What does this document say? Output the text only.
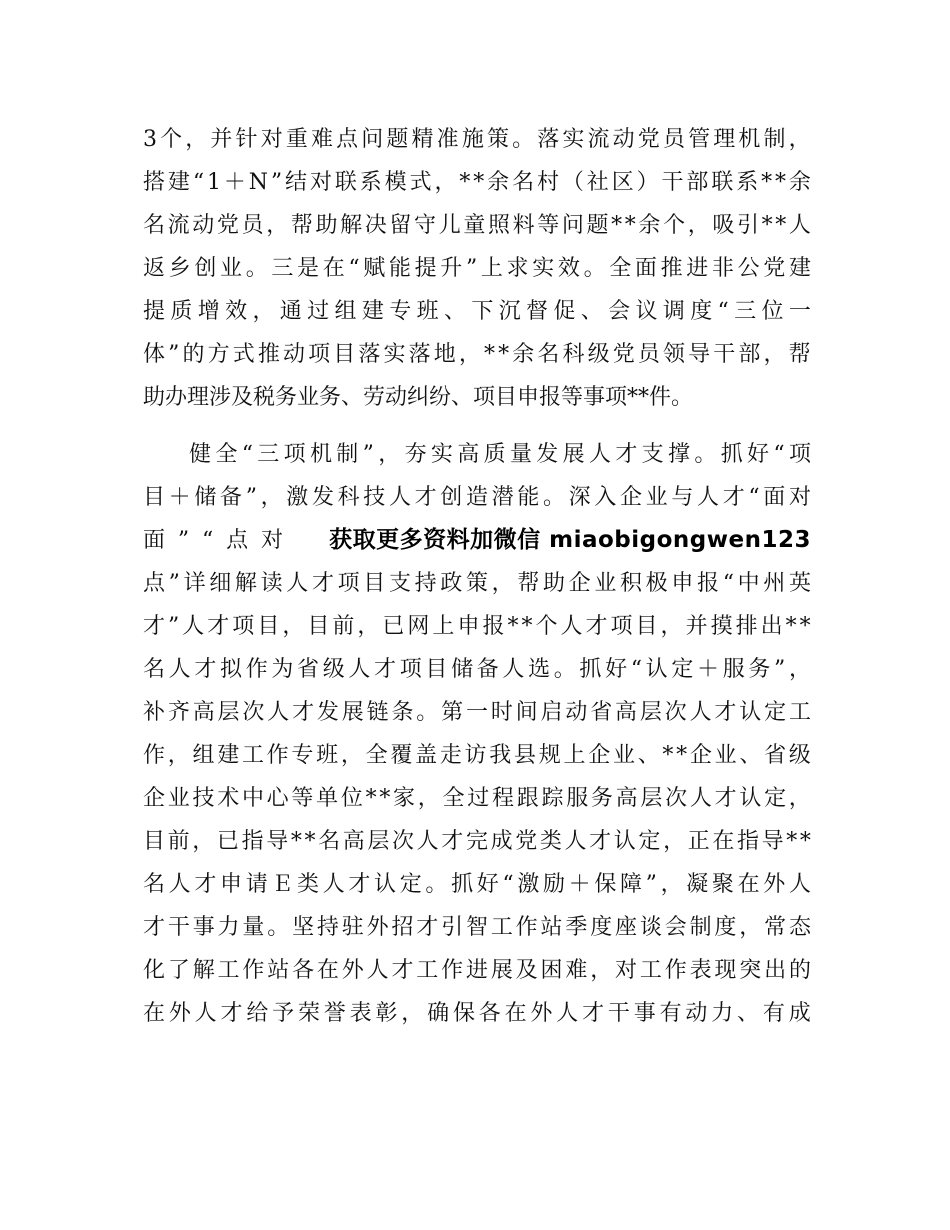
3 个 ， 并 针 对 重 难 点 问 题 精 准 施 策 。 落 实 流 动 党 员 管 理 机 制 ，
搭 建 “ 1 ＋ N ” 结 对 联 系 模 式 ， * * 余 名 村 （ 社 区 ） 干 部 联 系 * * 余
名 流 动 党 员 ， 帮 助 解 决 留 守 儿 童 照 料 等 问 题 * * 余 个 ， 吸 引 * * 人
返 乡 创 业 。 三 是 在 “ 赋 能 提 升 ” 上 求 实 效 。 全 面 推 进 非 公 党 建
提 质 增 效 ， 通 过 组 建 专 班 、 下 沉 督 促 、 会 议 调 度 “ 三 位 一
体 ” 的 方 式 推 动 项 目 落 实 落 地 ， * * 余 名 科 级 党 员 领 导 干 部 ， 帮
助办理涉及税务业务、劳动纠纷、项目申报等事项**件。
健 全 “ 三 项 机 制 ” ， 夯 实 高 质 量 发 展 人 才 支 撑 。 抓 好 “ 项
目 ＋ 储 备 ” ， 激 发 科 技 人 才 创 造 潜 能 。 深 入 企 业 与 人 才 “ 面 对
面 ” “ 点 对 获取更多资料加微信 miaobigongwen123
点 ” 详 细 解 读 人 才 项 目 支 持 政 策 ， 帮 助 企 业 积 极 申 报 “ 中 州 英
才 ” 人 才 项 目 ， 目 前 ， 已 网 上 申 报 * * 个 人 才 项 目 ， 并 摸 排 出 * *
名 人 才 拟 作 为 省 级 人 才 项 目 储 备 人 选 。 抓 好 “ 认 定 ＋ 服 务 ” ，
补 齐 高 层 次 人 才 发 展 链 条 。 第 一 时 间 启 动 省 高 层 次 人 才 认 定 工
作 ， 组 建 工 作 专 班 ， 全 覆 盖 走 访 我 县 规 上 企 业 、 * * 企 业 、 省 级
企 业 技 术 中 心 等 单 位 * * 家 ， 全 过 程 跟 踪 服 务 高 层 次 人 才 认 定 ，
目 前 ， 已 指 导 * * 名 高 层 次 人 才 完 成 党 类 人 才 认 定 ， 正 在 指 导 * *
名 人 才 申 请 Ｅ 类 人 才 认 定 。 抓 好 “ 激 励 ＋ 保 障 ” ， 凝 聚 在 外 人
才 干 事 力 量 。 坚 持 驻 外 招 才 引 智 工 作 站 季 度 座 谈 会 制 度 ， 常 态
化 了 解 工 作 站 各 在 外 人 才 工 作 进 展 及 困 难 ， 对 工 作 表 现 突 出 的
在 外 人 才 给 予 荣 誉 表 彰 ， 确 保 各 在 外 人 才 干 事 有 动 力 、 有 成
